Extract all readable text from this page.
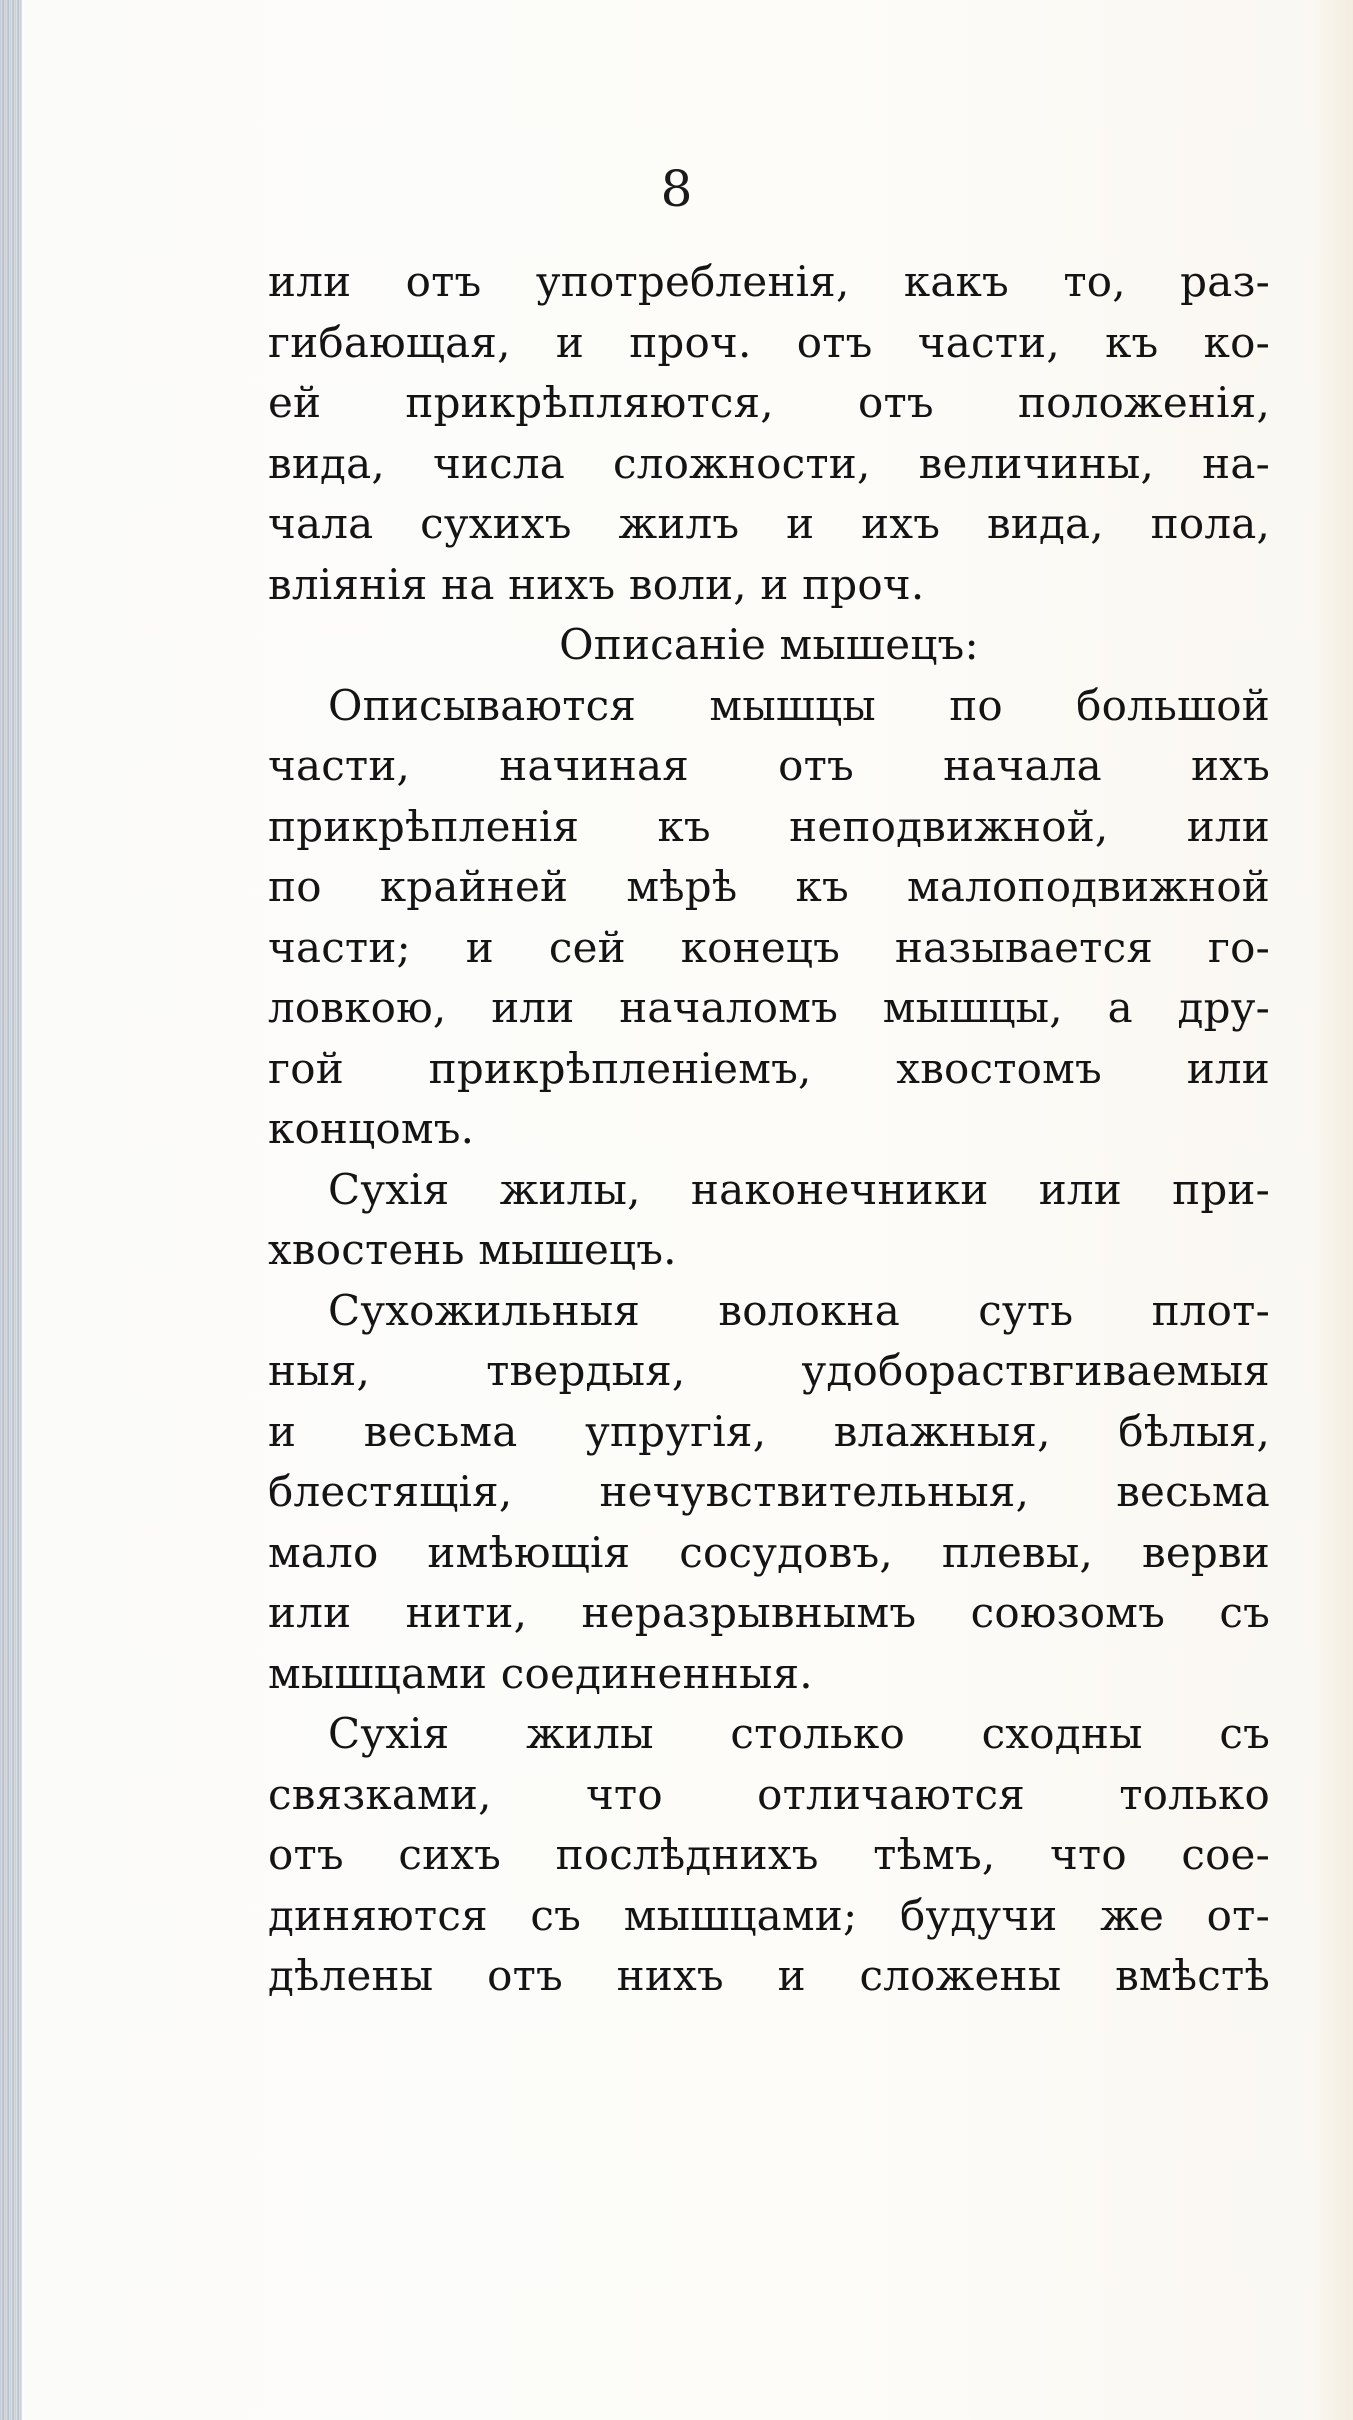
8
или отъ употребленія, какъ то, раз-
гибающая, и проч. отъ части, къ ко-
ей прикрѣпляются, отъ положенія,
вида, числа сложности, величины, на-
чала сухихъ жилъ и ихъ вида, пола,
вліянія на нихъ воли, и проч.
Описаніе мышецъ:
Описываются мышцы по большой
части, начиная отъ начала ихъ
прикрѣпленія къ неподвижной, или
по крайней мѣрѣ къ малоподвижной
части; и сей конецъ называется го-
ловкою, или началомъ мышцы, а дру-
гой прикрѣпленіемъ, хвостомъ или
концомъ.
Сухія жилы, наконечники или при-
хвостень мышецъ.
Сухожильныя волокна суть плот-
ныя, твердыя, удобораствгиваемыя
и весьма упругія, влажныя, бѣлыя,
блестящія, нечувствительныя, весьма
мало имѣющія сосудовъ, плевы, верви
или нити, неразрывнымъ союзомъ съ
мышцами соединенныя.
Сухія жилы столько сходны съ
связками, что отличаются только
отъ сихъ послѣднихъ тѣмъ, что сое-
диняются съ мышцами; будучи же от-
дѣлены отъ нихъ и сложены вмѣстѣ
